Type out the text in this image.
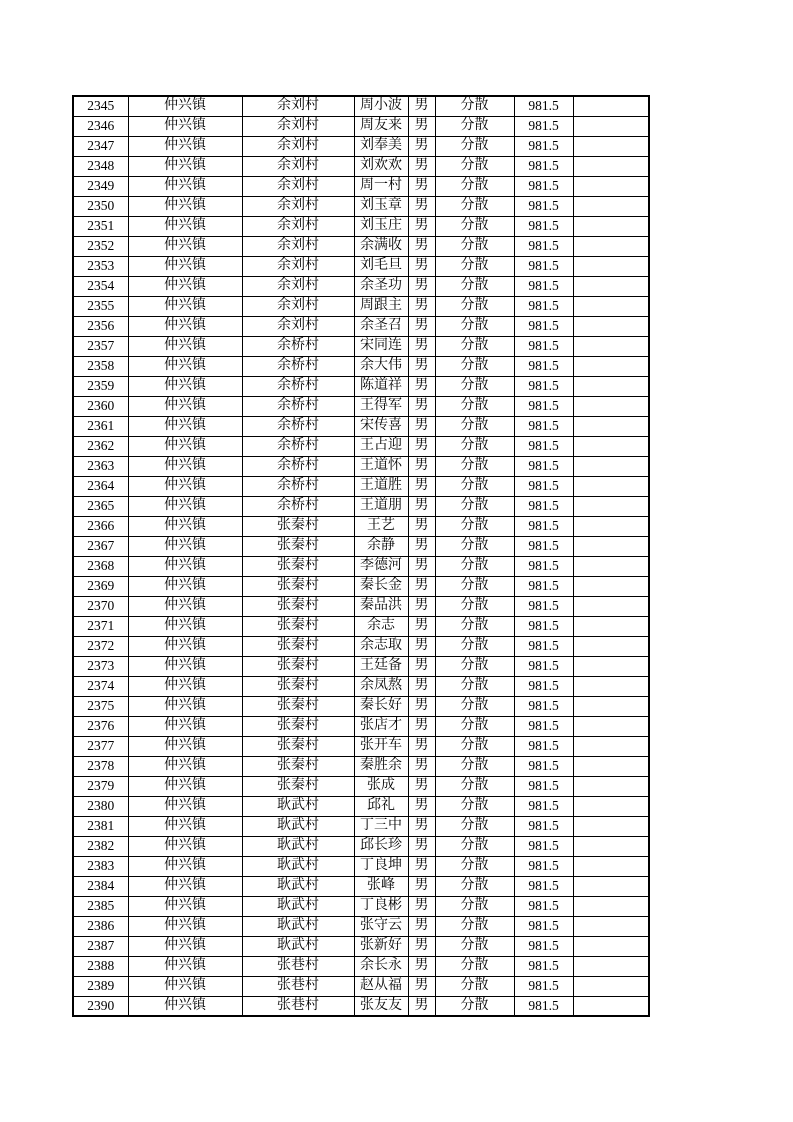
2345	仲兴镇	余刘村	周小波	男	分散	981.5	
2346	仲兴镇	余刘村	周友来	男	分散	981.5	
2347	仲兴镇	余刘村	刘奉美	男	分散	981.5	
2348	仲兴镇	余刘村	刘欢欢	男	分散	981.5	
2349	仲兴镇	余刘村	周一村	男	分散	981.5	
2350	仲兴镇	余刘村	刘玉章	男	分散	981.5	
2351	仲兴镇	余刘村	刘玉庄	男	分散	981.5	
2352	仲兴镇	余刘村	余满收	男	分散	981.5	
2353	仲兴镇	余刘村	刘毛旦	男	分散	981.5	
2354	仲兴镇	余刘村	余圣功	男	分散	981.5	
2355	仲兴镇	余刘村	周跟主	男	分散	981.5	
2356	仲兴镇	余刘村	余圣召	男	分散	981.5	
2357	仲兴镇	余桥村	宋同连	男	分散	981.5	
2358	仲兴镇	余桥村	余大伟	男	分散	981.5	
2359	仲兴镇	余桥村	陈道祥	男	分散	981.5	
2360	仲兴镇	余桥村	王得军	男	分散	981.5	
2361	仲兴镇	余桥村	宋传喜	男	分散	981.5	
2362	仲兴镇	余桥村	王占迎	男	分散	981.5	
2363	仲兴镇	余桥村	王道怀	男	分散	981.5	
2364	仲兴镇	余桥村	王道胜	男	分散	981.5	
2365	仲兴镇	余桥村	王道朋	男	分散	981.5	
2366	仲兴镇	张秦村	王艺	男	分散	981.5	
2367	仲兴镇	张秦村	余静	男	分散	981.5	
2368	仲兴镇	张秦村	李德河	男	分散	981.5	
2369	仲兴镇	张秦村	秦长金	男	分散	981.5	
2370	仲兴镇	张秦村	秦品洪	男	分散	981.5	
2371	仲兴镇	张秦村	余志	男	分散	981.5	
2372	仲兴镇	张秦村	余志取	男	分散	981.5	
2373	仲兴镇	张秦村	王廷备	男	分散	981.5	
2374	仲兴镇	张秦村	余凤熬	男	分散	981.5	
2375	仲兴镇	张秦村	秦长好	男	分散	981.5	
2376	仲兴镇	张秦村	张店才	男	分散	981.5	
2377	仲兴镇	张秦村	张开车	男	分散	981.5	
2378	仲兴镇	张秦村	秦胜余	男	分散	981.5	
2379	仲兴镇	张秦村	张成	男	分散	981.5	
2380	仲兴镇	耿武村	邱礼	男	分散	981.5	
2381	仲兴镇	耿武村	丁三中	男	分散	981.5	
2382	仲兴镇	耿武村	邱长珍	男	分散	981.5	
2383	仲兴镇	耿武村	丁良坤	男	分散	981.5	
2384	仲兴镇	耿武村	张峰	男	分散	981.5	
2385	仲兴镇	耿武村	丁良彬	男	分散	981.5	
2386	仲兴镇	耿武村	张守云	男	分散	981.5	
2387	仲兴镇	耿武村	张新好	男	分散	981.5	
2388	仲兴镇	张巷村	余长永	男	分散	981.5	
2389	仲兴镇	张巷村	赵从福	男	分散	981.5	
2390	仲兴镇	张巷村	张友友	男	分散	981.5	
